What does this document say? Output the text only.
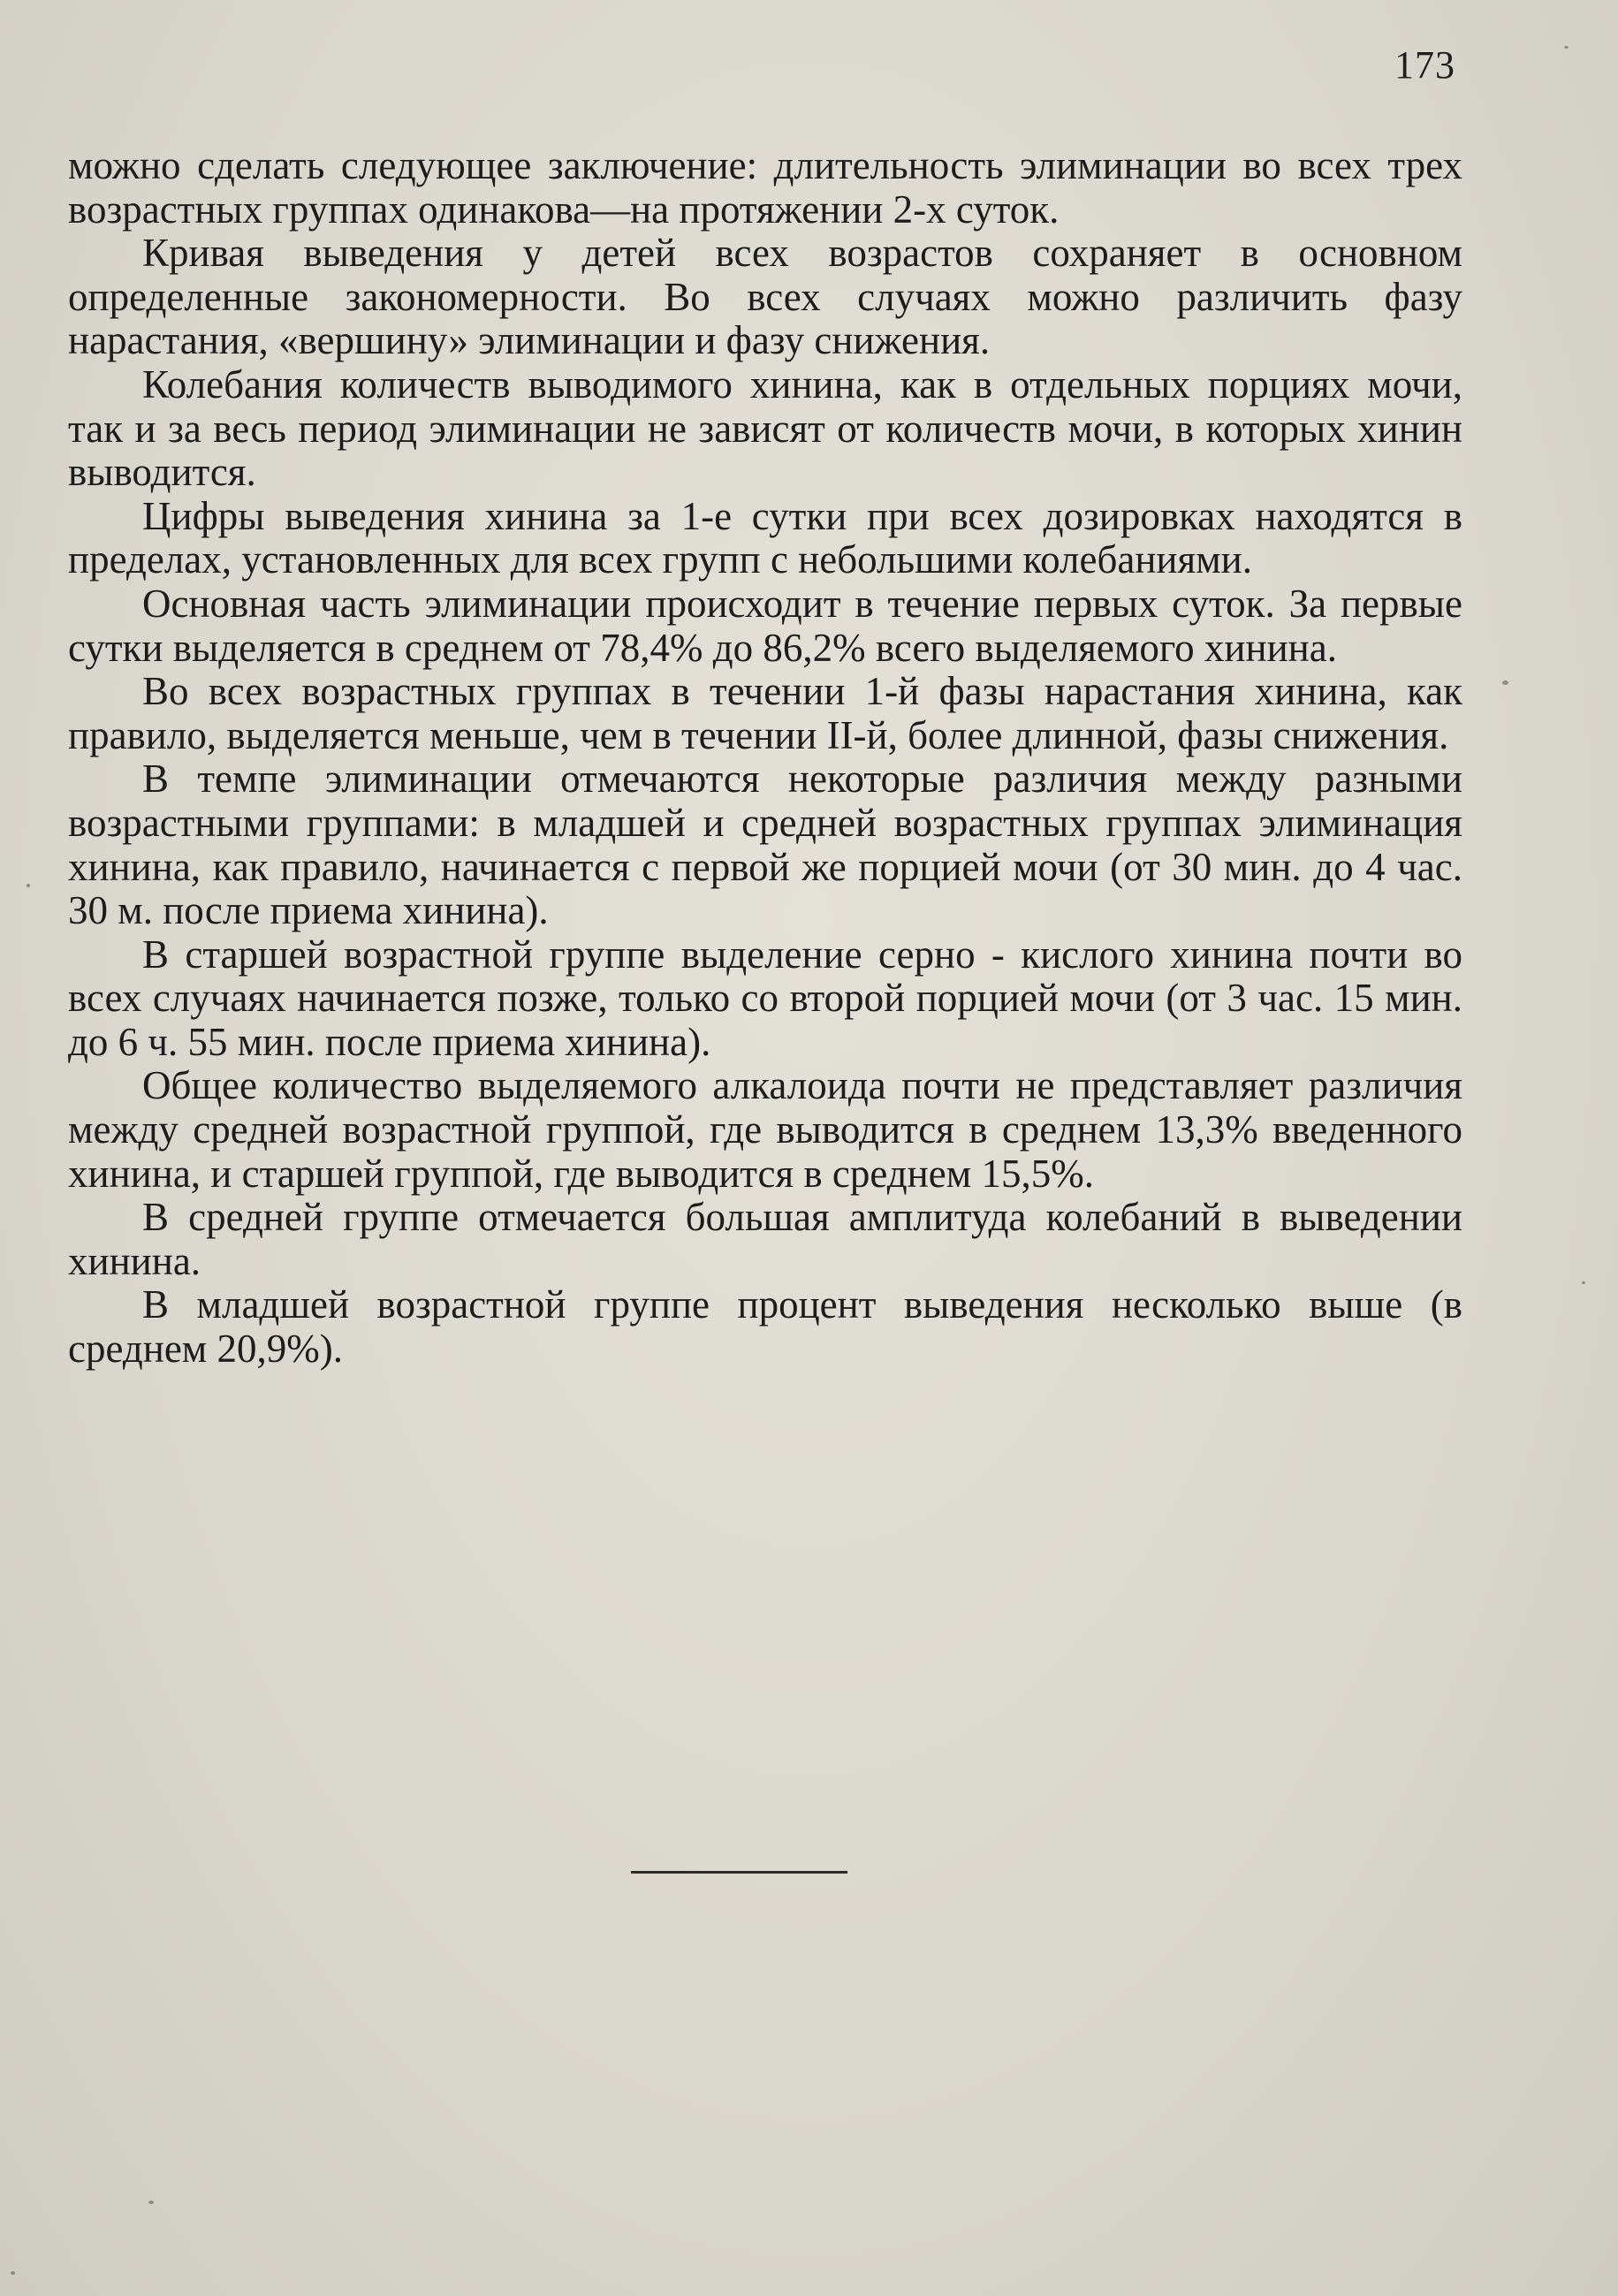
173

можно сделать следующее заключение: длительность элиминации во всех трех возрастных группах одинакова—на протяжении 2-х суток.

Кривая выведения у детей всех возрастов сохраняет в основном определенные закономерности. Во всех случаях можно различить фазу нарастания, «вершину» элиминации и фазу снижения.

Колебания количеств выводимого хинина, как в отдельных порциях мочи, так и за весь период элиминации не зависят от количеств мочи, в которых хинин выводится.

Цифры выведения хинина за 1-е сутки при всех дозировках находятся в пределах, установленных для всех групп с небольшими колебаниями.

Основная часть элиминации происходит в течение первых суток. За первые сутки выделяется в среднем от 78,4% до 86,2% всего выделяемого хинина.

Во всех возрастных группах в течении 1-й фазы нарастания хинина, как правило, выделяется меньше, чем в течении II-й, более длинной, фазы снижения.

В темпе элиминации отмечаются некоторые различия между разными возрастными группами: в младшей и средней возрастных группах элиминация хинина, как правило, начинается с первой же порцией мочи (от 30 мин. до 4 час. 30 м. после приема хинина).

В старшей возрастной группе выделение серно - кислого хинина почти во всех случаях начинается позже, только со второй порцией мочи (от 3 час. 15 мин. до 6 ч. 55 мин. после приема хинина).

Общее количество выделяемого алкалоида почти не представляет различия между средней возрастной группой, где выводится в среднем 13,3% введенного хинина, и старшей группой, где выводится в среднем 15,5%.

В средней группе отмечается большая амплитуда колебаний в выведении хинина.

В младшей возрастной группе процент выведения несколько выше (в среднем 20,9%).
